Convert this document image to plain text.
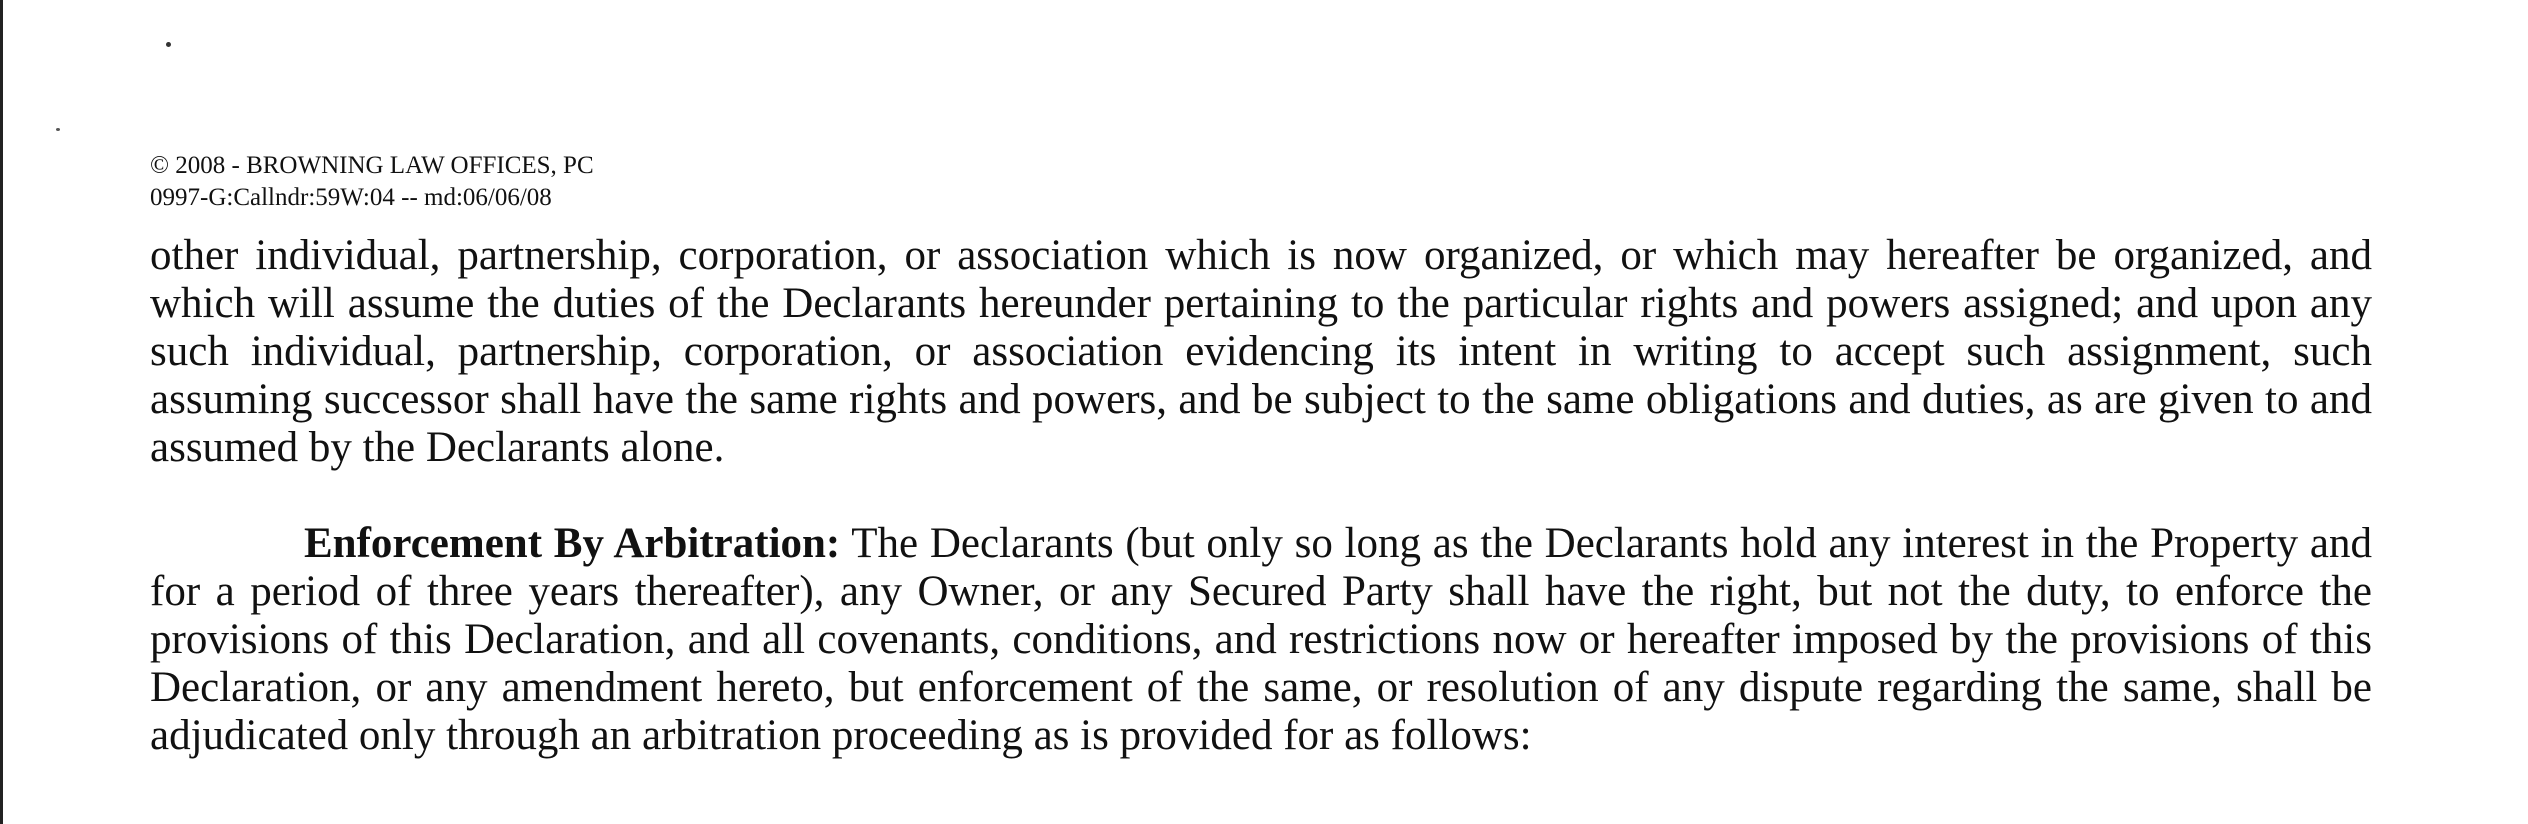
© 2008 - BROWNING LAW OFFICES, PC
0997-G:Callndr:59W:04 -- md:06/06/08

other individual, partnership, corporation, or association which is now organized, or which may hereafter be organized, and which will assume the duties of the Declarants hereunder pertaining to the particular rights and powers assigned; and upon any such individual, partnership, corporation, or association evidencing its intent in writing to accept such assignment, such assuming successor shall have the same rights and powers, and be subject to the same obligations and duties, as are given to and assumed by the Declarants alone.

Enforcement By Arbitration: The Declarants (but only so long as the Declarants hold any interest in the Property and for a period of three years thereafter), any Owner, or any Secured Party shall have the right, but not the duty, to enforce the provisions of this Declaration, and all covenants, conditions, and restrictions now or hereafter imposed by the provisions of this Declaration, or any amendment hereto, but enforcement of the same, or resolution of any dispute regarding the same, shall be adjudicated only through an arbitration proceeding as is provided for as follows:
